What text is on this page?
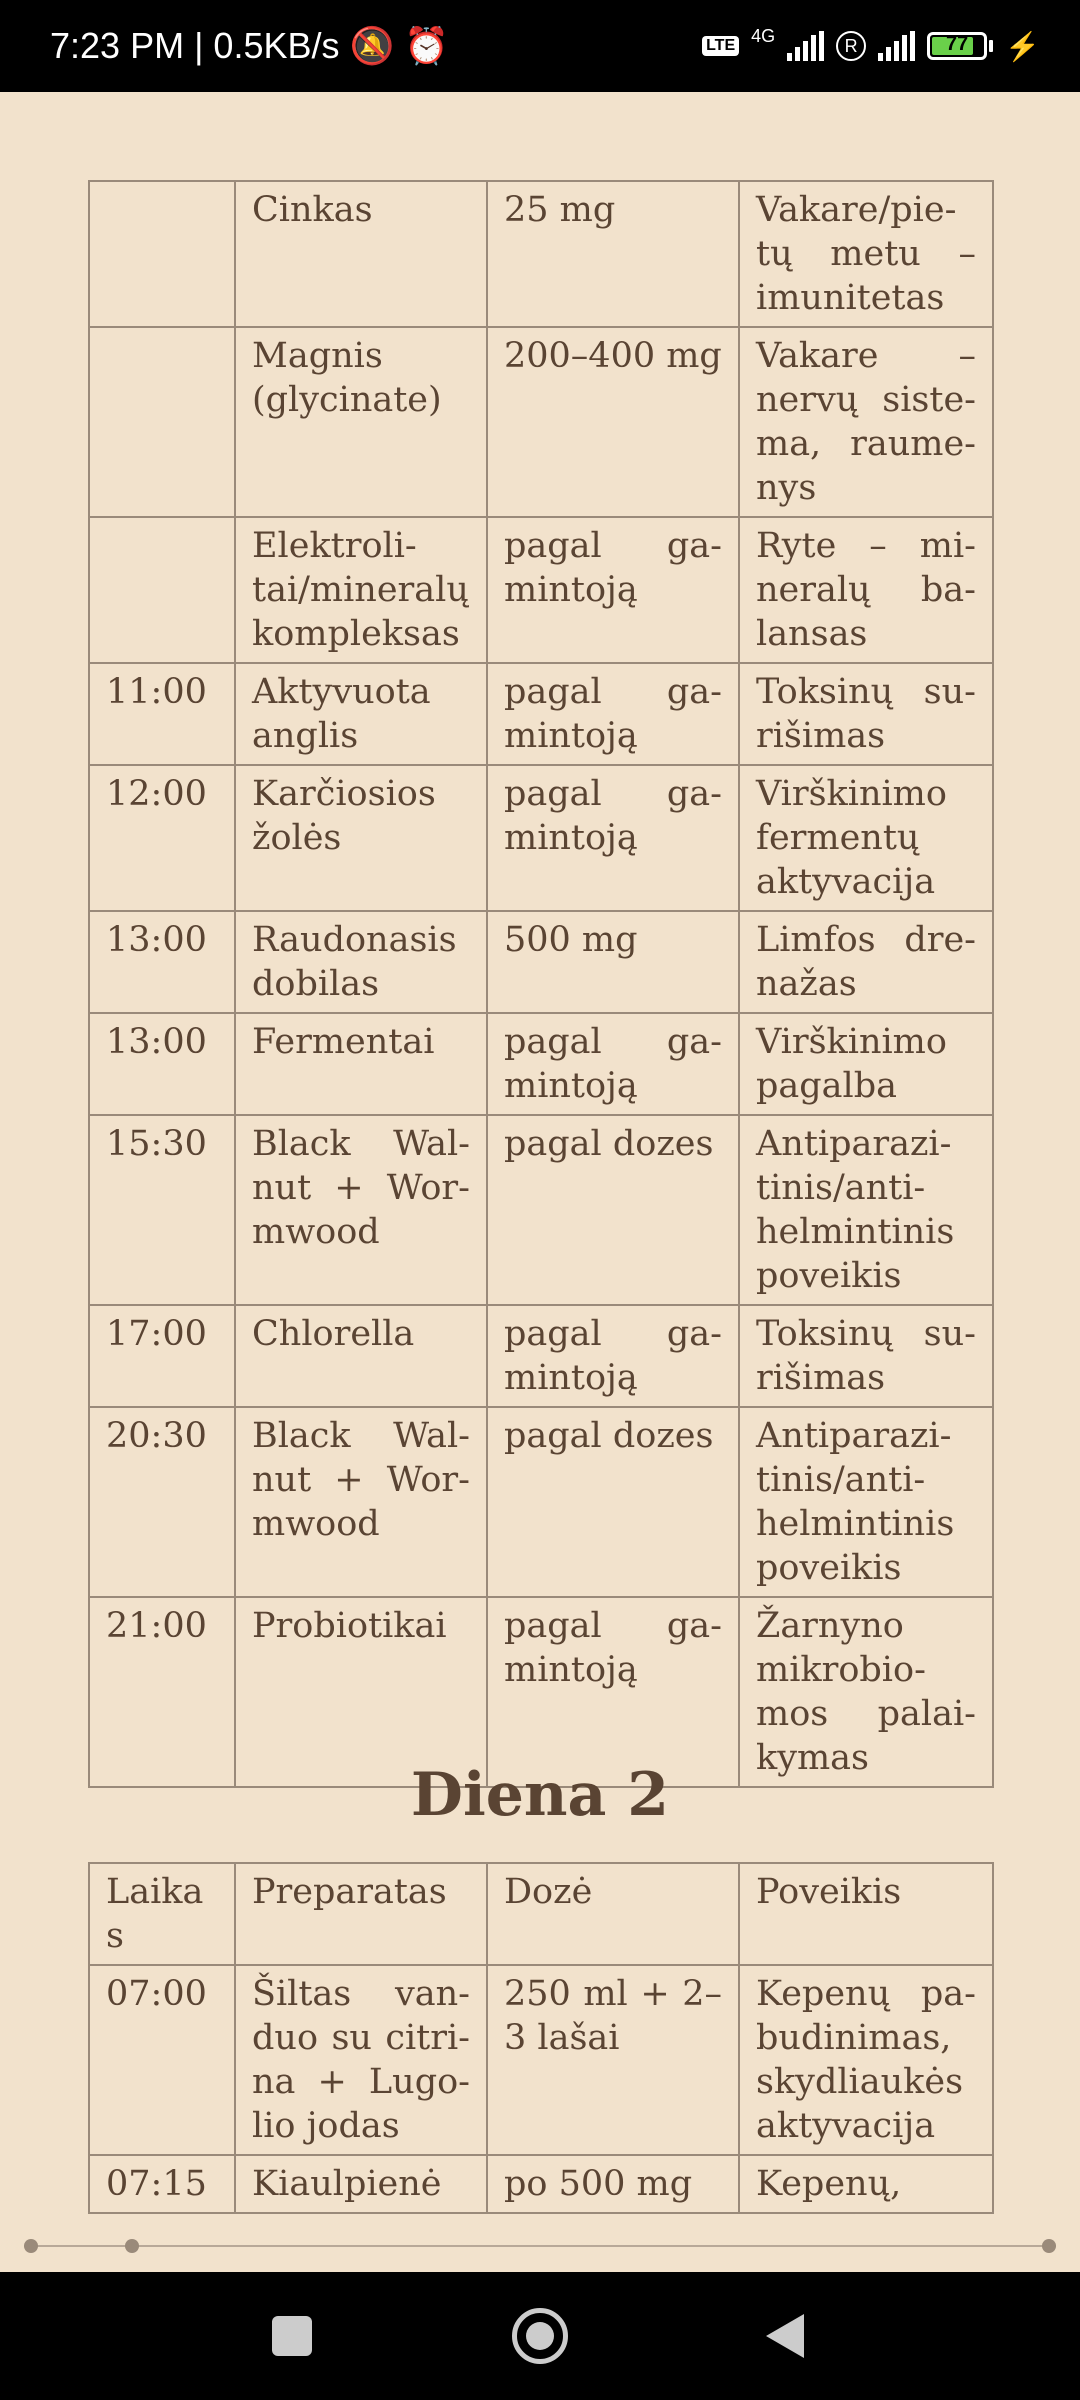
7:23 PM | 0.5KB/s 🔕 ⏰	LTE 4G	R	77	⚡
	Cinkas	25 mg	Vakare/pietų metu – imunitetas
	Magnis (glycinate)	200–400 mg	Vakare – nervų sistema, raumenys
	Elektrolitai/mineralų kompleksas	pagal gamintoją	Ryte – mineralų balansas
11:00	Aktyvuota anglis	pagal gamintoją	Toksinų surišimas
12:00	Karčiosios žolės	pagal gamintoją	Virškinimo fermentų aktyvacija
13:00	Raudonasis dobilas	500 mg	Limfos drenažas
13:00	Fermentai	pagal gamintoją	Virškinimo pagalba
15:30	Black Walnut + Wormwood	pagal dozes	Antiparazitinis/antihelmintinis poveikis
17:00	Chlorella	pagal gamintoją	Toksinų surišimas
20:30	Black Walnut + Wormwood	pagal dozes	Antiparazitinis/antihelmintinis poveikis
21:00	Probiotikai	pagal gamintoją	Žarnyno mikrobiomos palaikymas
Diena 2
Laikas	Preparatas	Dozė	Poveikis
07:00	Šiltas vanduo su citrina + Lugolio jodas	250 ml + 2–3 lašai	Kepenų pabudinimas, skydliaukės aktyvacija
07:15	Kiaulpienė	po 500 mg	Kepenų,
